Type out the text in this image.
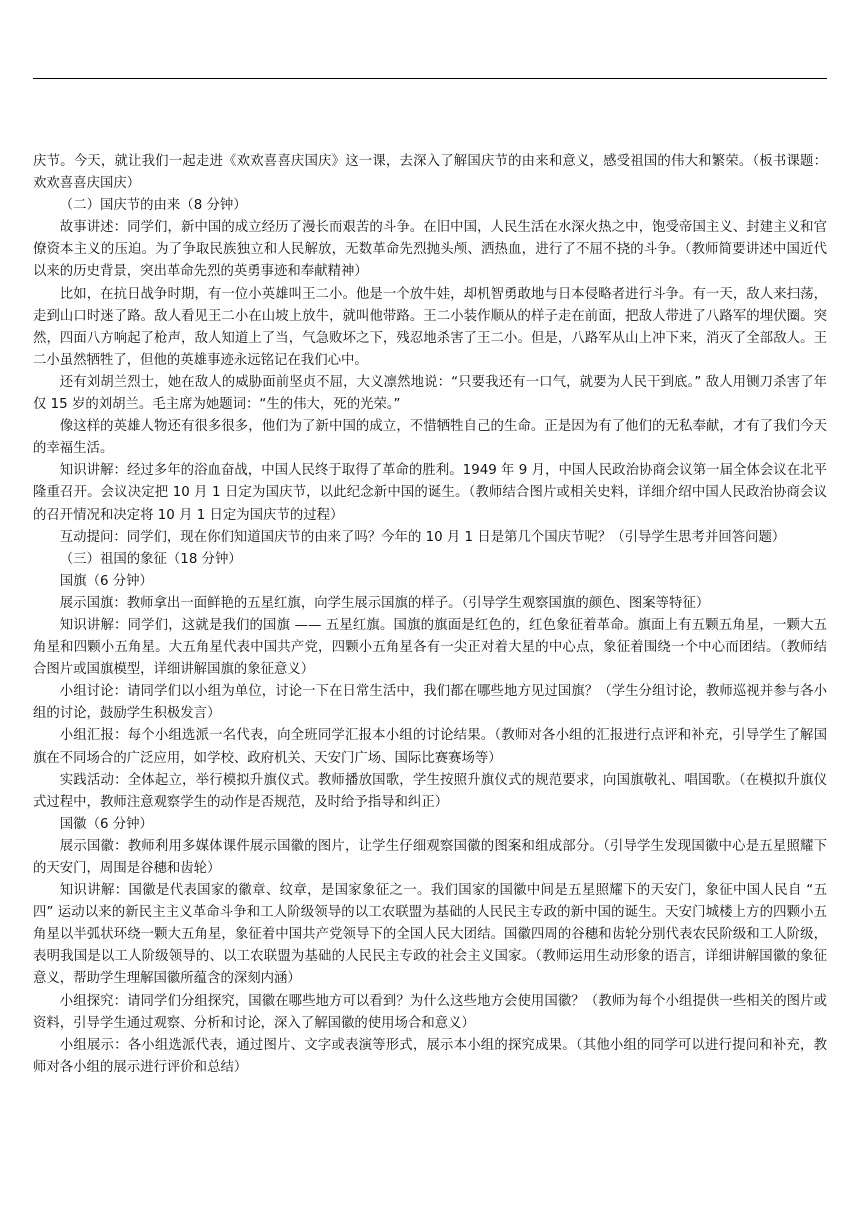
庆节。今天，就让我们一起走进《欢欢喜喜庆国庆》这一课，去深入了解国庆节的由来和意义，感受祖国的伟大和繁荣。（板书课题：欢欢喜喜庆国庆）

（二）国庆节的由来（8 分钟）

故事讲述：同学们，新中国的成立经历了漫长而艰苦的斗争。在旧中国，人民生活在水深火热之中，饱受帝国主义、封建主义和官僚资本主义的压迫。为了争取民族独立和人民解放，无数革命先烈抛头颅、洒热血，进行了不屈不挠的斗争。（教师简要讲述中国近代以来的历史背景，突出革命先烈的英勇事迹和奉献精神）

比如，在抗日战争时期，有一位小英雄叫王二小。他是一个放牛娃，却机智勇敢地与日本侵略者进行斗争。有一天，敌人来扫荡，走到山口时迷了路。敌人看见王二小在山坡上放牛，就叫他带路。王二小装作顺从的样子走在前面，把敌人带进了八路军的埋伏圈。突然，四面八方响起了枪声，敌人知道上了当，气急败坏之下，残忍地杀害了王二小。但是，八路军从山上冲下来，消灭了全部敌人。王二小虽然牺牲了，但他的英雄事迹永远铭记在我们心中。

还有刘胡兰烈士，她在敌人的威胁面前坚贞不屈，大义凛然地说：“只要我还有一口气，就要为人民干到底。” 敌人用铡刀杀害了年仅 15 岁的刘胡兰。毛主席为她题词：“生的伟大，死的光荣。”

像这样的英雄人物还有很多很多，他们为了新中国的成立，不惜牺牲自己的生命。正是因为有了他们的无私奉献，才有了我们今天的幸福生活。

知识讲解：经过多年的浴血奋战，中国人民终于取得了革命的胜利。1949 年 9 月，中国人民政治协商会议第一届全体会议在北平隆重召开。会议决定把 10 月 1 日定为国庆节，以此纪念新中国的诞生。（教师结合图片或相关史料，详细介绍中国人民政治协商会议的召开情况和决定将 10 月 1 日定为国庆节的过程）

互动提问：同学们，现在你们知道国庆节的由来了吗？今年的 10 月 1 日是第几个国庆节呢？（引导学生思考并回答问题）

（三）祖国的象征（18 分钟）

国旗（6 分钟）

展示国旗：教师拿出一面鲜艳的五星红旗，向学生展示国旗的样子。（引导学生观察国旗的颜色、图案等特征）

知识讲解：同学们，这就是我们的国旗 —— 五星红旗。国旗的旗面是红色的，红色象征着革命。旗面上有五颗五角星，一颗大五角星和四颗小五角星。大五角星代表中国共产党，四颗小五角星各有一尖正对着大星的中心点，象征着围绕一个中心而团结。（教师结合图片或国旗模型，详细讲解国旗的象征意义）

小组讨论：请同学们以小组为单位，讨论一下在日常生活中，我们都在哪些地方见过国旗？（学生分组讨论，教师巡视并参与各小组的讨论，鼓励学生积极发言）

小组汇报：每个小组选派一名代表，向全班同学汇报本小组的讨论结果。（教师对各小组的汇报进行点评和补充，引导学生了解国旗在不同场合的广泛应用，如学校、政府机关、天安门广场、国际比赛赛场等）

实践活动：全体起立，举行模拟升旗仪式。教师播放国歌，学生按照升旗仪式的规范要求，向国旗敬礼、唱国歌。（在模拟升旗仪式过程中，教师注意观察学生的动作是否规范，及时给予指导和纠正）

国徽（6 分钟）

展示国徽：教师利用多媒体课件展示国徽的图片，让学生仔细观察国徽的图案和组成部分。（引导学生发现国徽中心是五星照耀下的天安门，周围是谷穗和齿轮）

知识讲解：国徽是代表国家的徽章、纹章，是国家象征之一。我们国家的国徽中间是五星照耀下的天安门，象征中国人民自 “五四” 运动以来的新民主主义革命斗争和工人阶级领导的以工农联盟为基础的人民民主专政的新中国的诞生。天安门城楼上方的四颗小五角星以半弧状环绕一颗大五角星，象征着中国共产党领导下的全国人民大团结。国徽四周的谷穗和齿轮分别代表农民阶级和工人阶级，表明我国是以工人阶级领导的、以工农联盟为基础的人民民主专政的社会主义国家。（教师运用生动形象的语言，详细讲解国徽的象征意义，帮助学生理解国徽所蕴含的深刻内涵）

小组探究：请同学们分组探究，国徽在哪些地方可以看到？为什么这些地方会使用国徽？（教师为每个小组提供一些相关的图片或资料，引导学生通过观察、分析和讨论，深入了解国徽的使用场合和意义）

小组展示：各小组选派代表，通过图片、文字或表演等形式，展示本小组的探究成果。（其他小组的同学可以进行提问和补充，教师对各小组的展示进行评价和总结）
